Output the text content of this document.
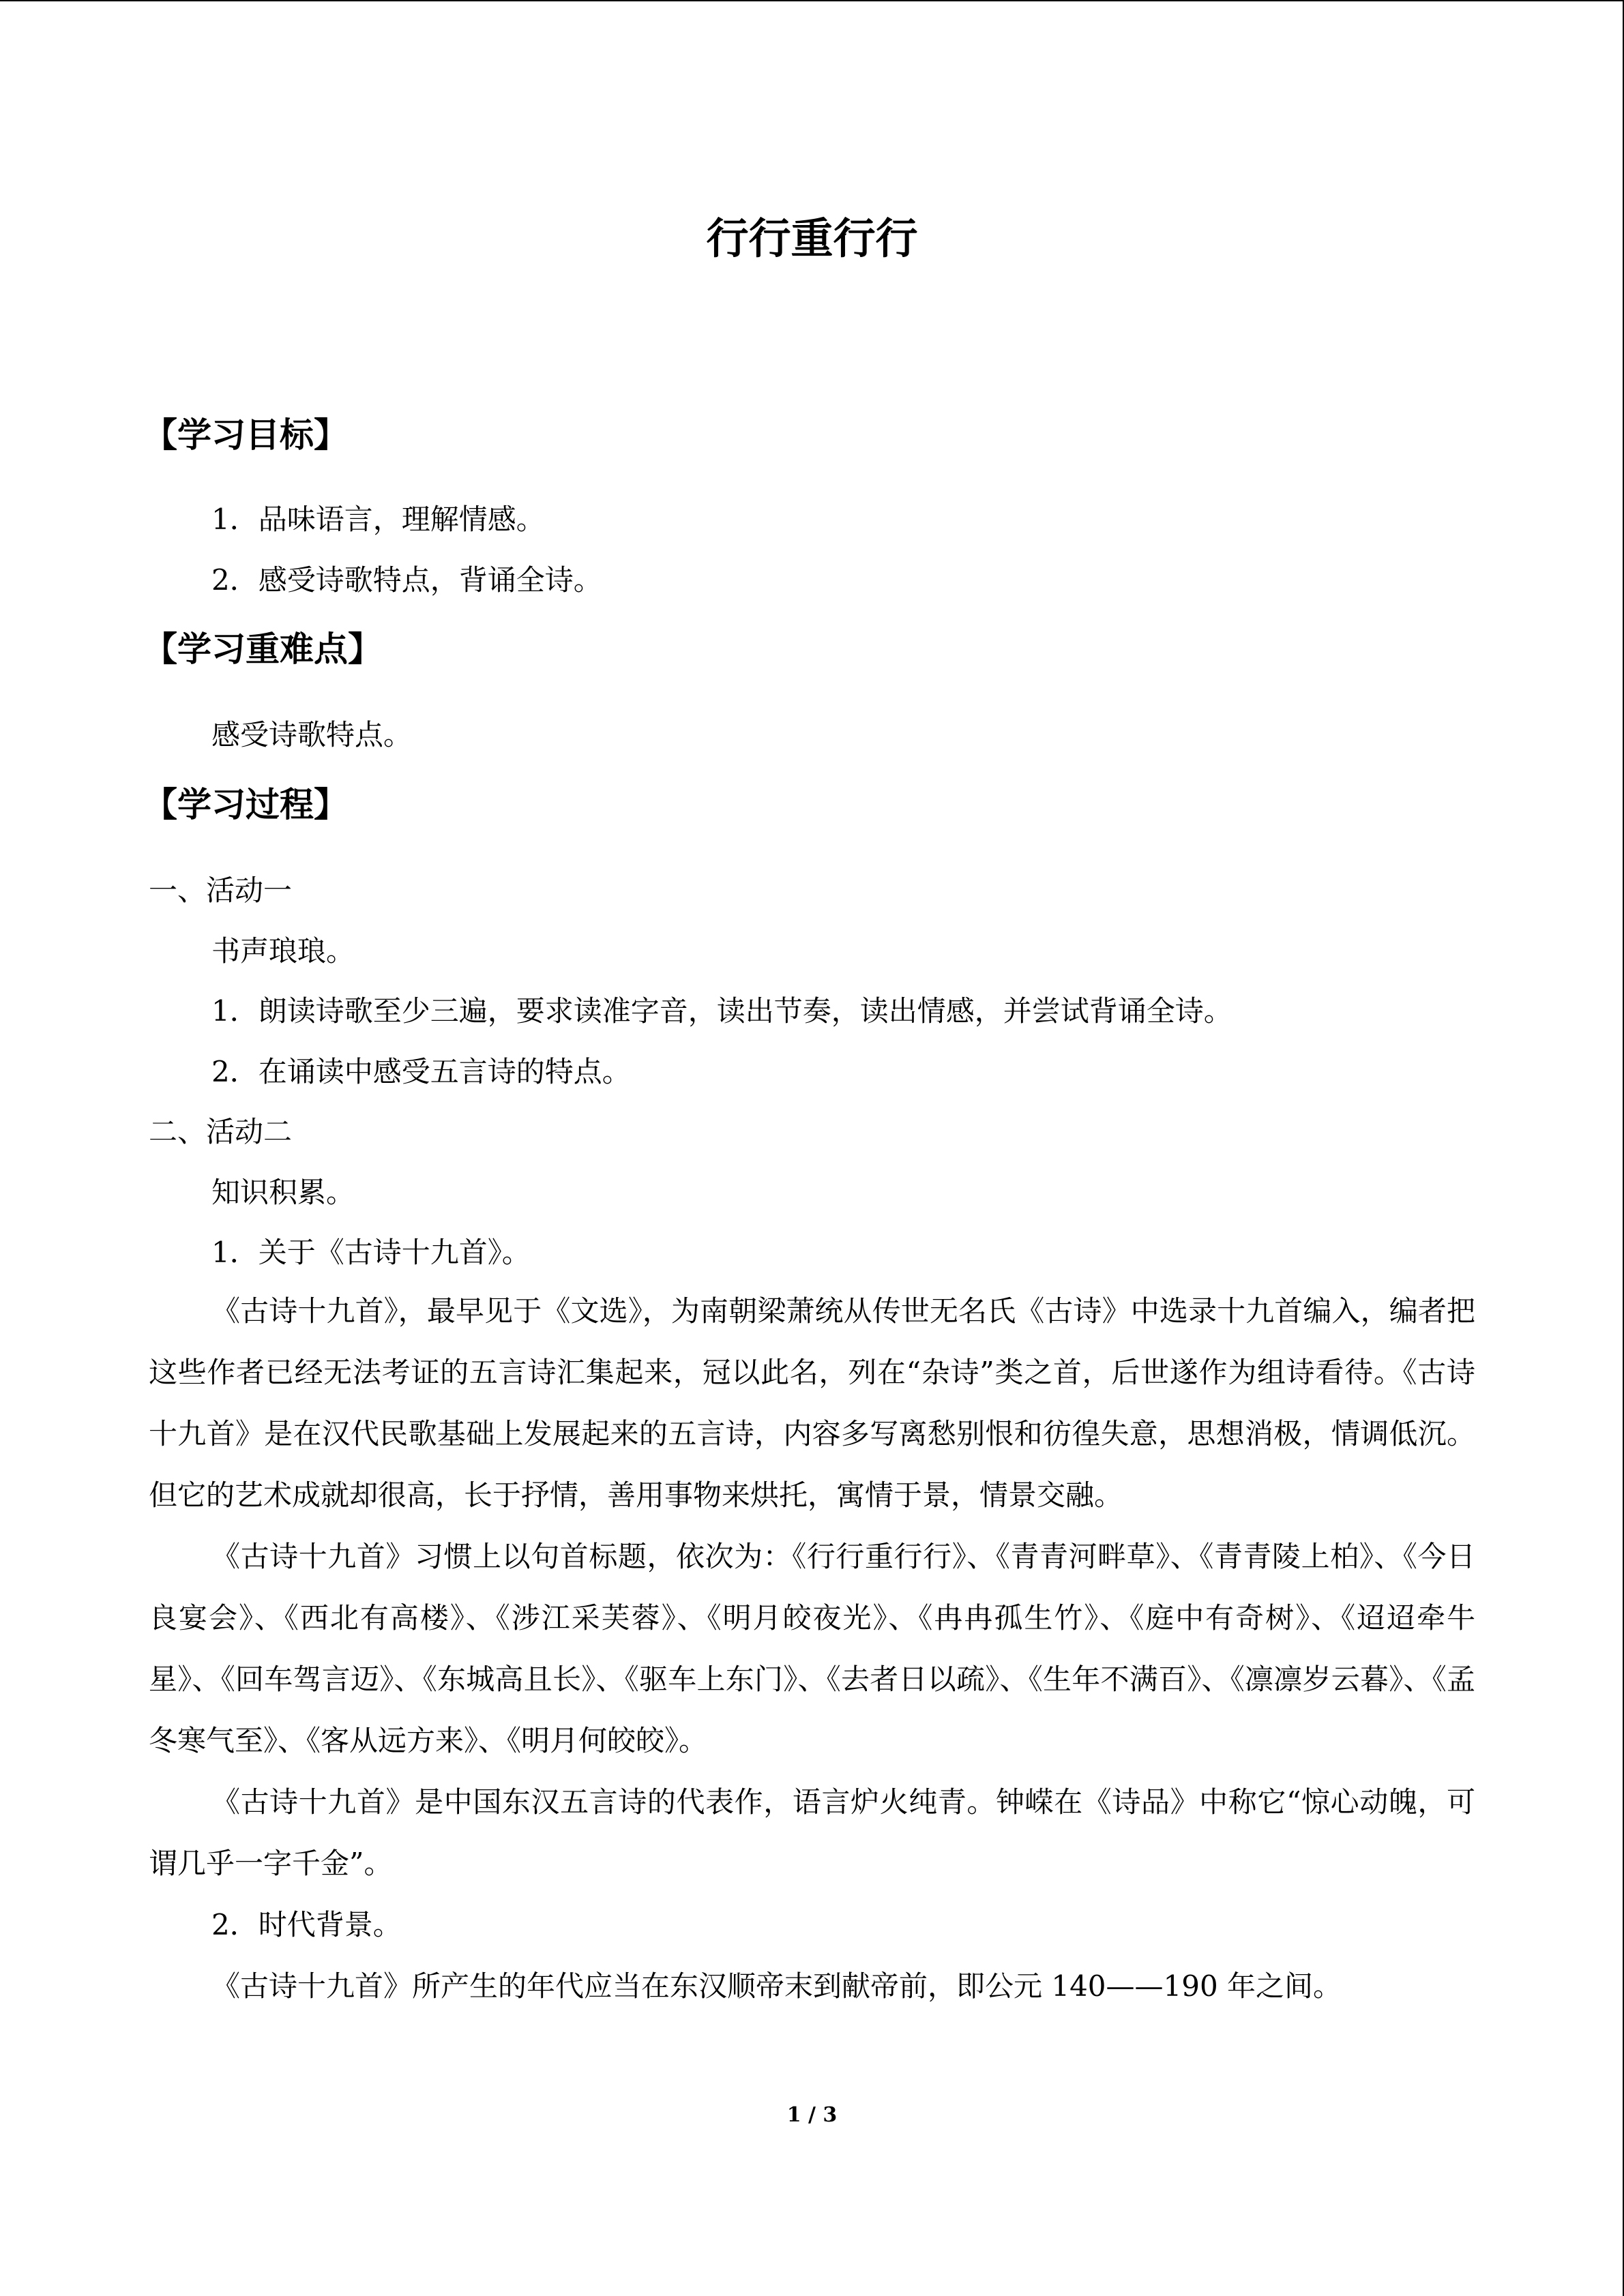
行行重行行
【学习目标】
1．品味语言，理解情感。
2．感受诗歌特点，背诵全诗。
【学习重难点】
感受诗歌特点。
【学习过程】
一、活动一
书声琅琅。
1．朗读诗歌至少三遍，要求读准字音，读出节奏，读出情感，并尝试背诵全诗。
2．在诵读中感受五言诗的特点。
二、活动二
知识积累。
1．关于《古诗十九首》。
《古诗十九首》，最早见于《文选》，为南朝梁萧统从传世无名氏《古诗》中选录十九首编入，编者把这些作者已经无法考证的五言诗汇集起来，冠以此名，列在“杂诗”类之首，后世遂作为组诗看待。《古诗十九首》是在汉代民歌基础上发展起来的五言诗，内容多写离愁别恨和彷徨失意，思想消极，情调低沉。但它的艺术成就却很高，长于抒情，善用事物来烘托，寓情于景，情景交融。
《古诗十九首》习惯上以句首标题，依次为：《行行重行行》、《青青河畔草》、《青青陵上柏》、《今日良宴会》、《西北有高楼》、《涉江采芙蓉》、《明月皎夜光》、《冉冉孤生竹》、《庭中有奇树》、《迢迢牵牛星》、《回车驾言迈》、《东城高且长》、《驱车上东门》、《去者日以疏》、《生年不满百》、《凛凛岁云暮》、《孟冬寒气至》、《客从远方来》、《明月何皎皎》。
《古诗十九首》是中国东汉五言诗的代表作，语言炉火纯青。钟嵘在《诗品》中称它“惊心动魄，可谓几乎一字千金”。
1 / 3
2．时代背景。
《古诗十九首》所产生的年代应当在东汉顺帝末到献帝前，即公元 140——190 年之间。
